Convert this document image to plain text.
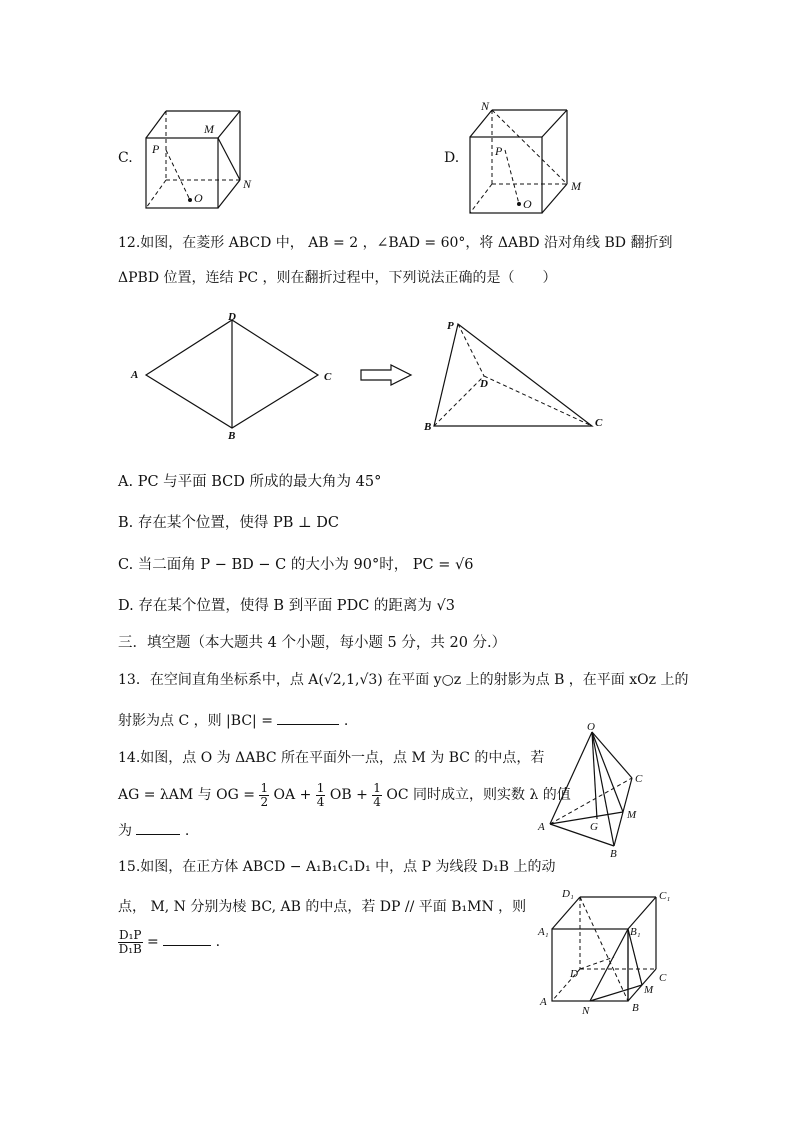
C.
P
M
N
O
D.
N
P
M
O
12.如图，在菱形 ABCD 中， AB = 2 ，∠BAD = 60°，将 ΔABD 沿对角线 BD 翻折到
ΔPBD 位置，连结 PC ，则在翻折过程中，下列说法正确的是（　　）
A
D
C
B
P
D
B	C
A. PC 与平面 BCD 所成的最大角为 45°
B. 存在某个位置，使得 PB ⊥ DC
C. 当二面角 P − BD − C 的大小为 90°时， PC = √6
D. 存在某个位置，使得 B 到平面 PDC 的距离为 √3
三．填空题（本大题共 4 个小题，每小题 5 分，共 20 分.）
13．在空间直角坐标系中，点 A(√2,1,√3) 在平面 y○z 上的射影为点 B ，在平面 xOz 上的
射影为点 C ，则 |BC| =	.
14.如图，点 O 为 ΔABC 所在平面外一点，点 M 为 BC 的中点，若
AG = λAM 与 OG = $\frac{1}{2}$ OA + $\frac{1}{4}$ OB + $\frac{1}{4}$ OC 同时成立，则实数 λ 的值
为	.
O
A
B
C
M
G
15.如图，在正方体 ABCD − A₁B₁C₁D₁ 中，点 P 为线段 D₁B 上的动
点， M, N 分别为棱 BC, AB 的中点，若 DP // 平面 B₁MN ，则
$\frac{\text{D₁P}}{\text{D₁B}}$ =	.
D₁	C₁
A₁	B₁
D	C
A	B
M
N
